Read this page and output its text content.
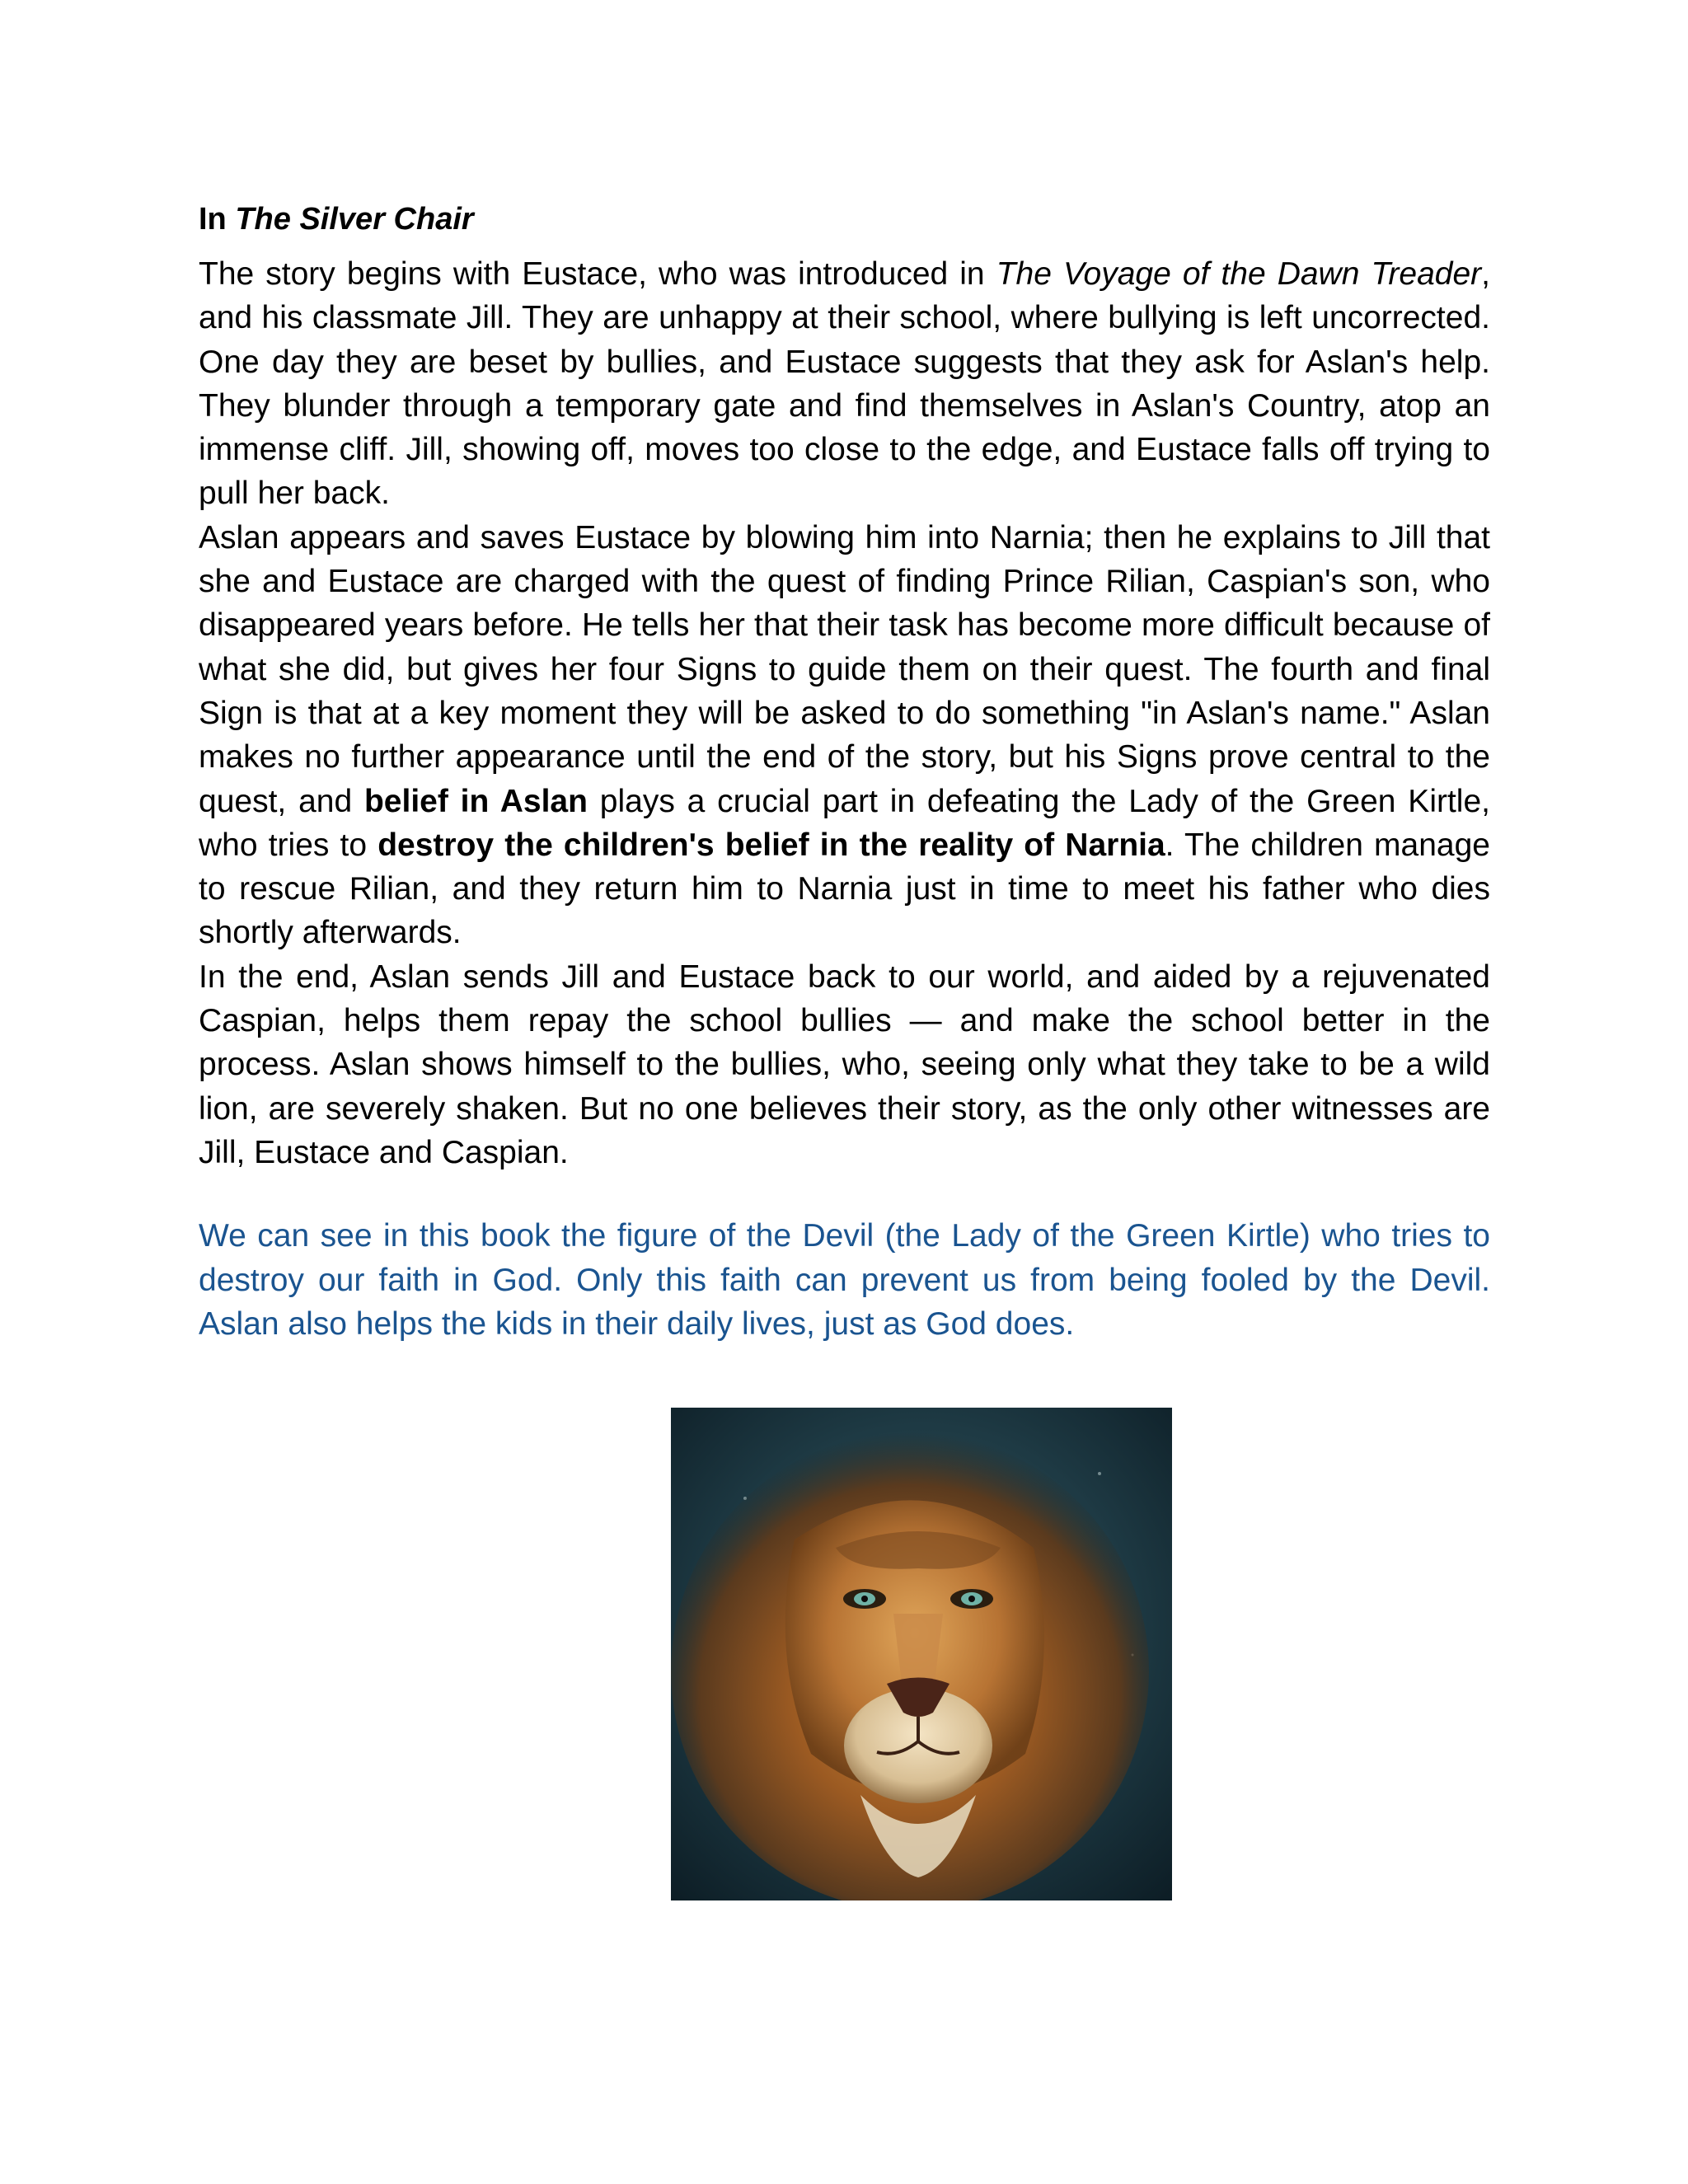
In The Silver Chair

The story begins with Eustace, who was introduced in The Voyage of the Dawn Treader, and his classmate Jill. They are unhappy at their school, where bullying is left uncorrected. One day they are beset by bullies, and Eustace suggests that they ask for Aslan's help. They blunder through a temporary gate and find themselves in Aslan's Country, atop an immense cliff. Jill, showing off, moves too close to the edge, and Eustace falls off trying to pull her back.

Aslan appears and saves Eustace by blowing him into Narnia; then he explains to Jill that she and Eustace are charged with the quest of finding Prince Rilian, Caspian's son, who disappeared years before. He tells her that their task has become more difficult because of what she did, but gives her four Signs to guide them on their quest. The fourth and final Sign is that at a key moment they will be asked to do something "in Aslan's name." Aslan makes no further appearance until the end of the story, but his Signs prove central to the quest, and belief in Aslan plays a crucial part in defeating the Lady of the Green Kirtle, who tries to destroy the children's belief in the reality of Narnia. The children manage to rescue Rilian, and they return him to Narnia just in time to meet his father who dies shortly afterwards.

In the end, Aslan sends Jill and Eustace back to our world, and aided by a rejuvenated Caspian, helps them repay the school bullies — and make the school better in the process. Aslan shows himself to the bullies, who, seeing only what they take to be a wild lion, are severely shaken. But no one believes their story, as the only other witnesses are Jill, Eustace and Caspian.

We can see in this book the figure of the Devil (the Lady of the Green Kirtle) who tries to destroy our faith in God. Only this faith can prevent us from being fooled by the Devil. Aslan also helps the kids in their daily lives, just as God does.
